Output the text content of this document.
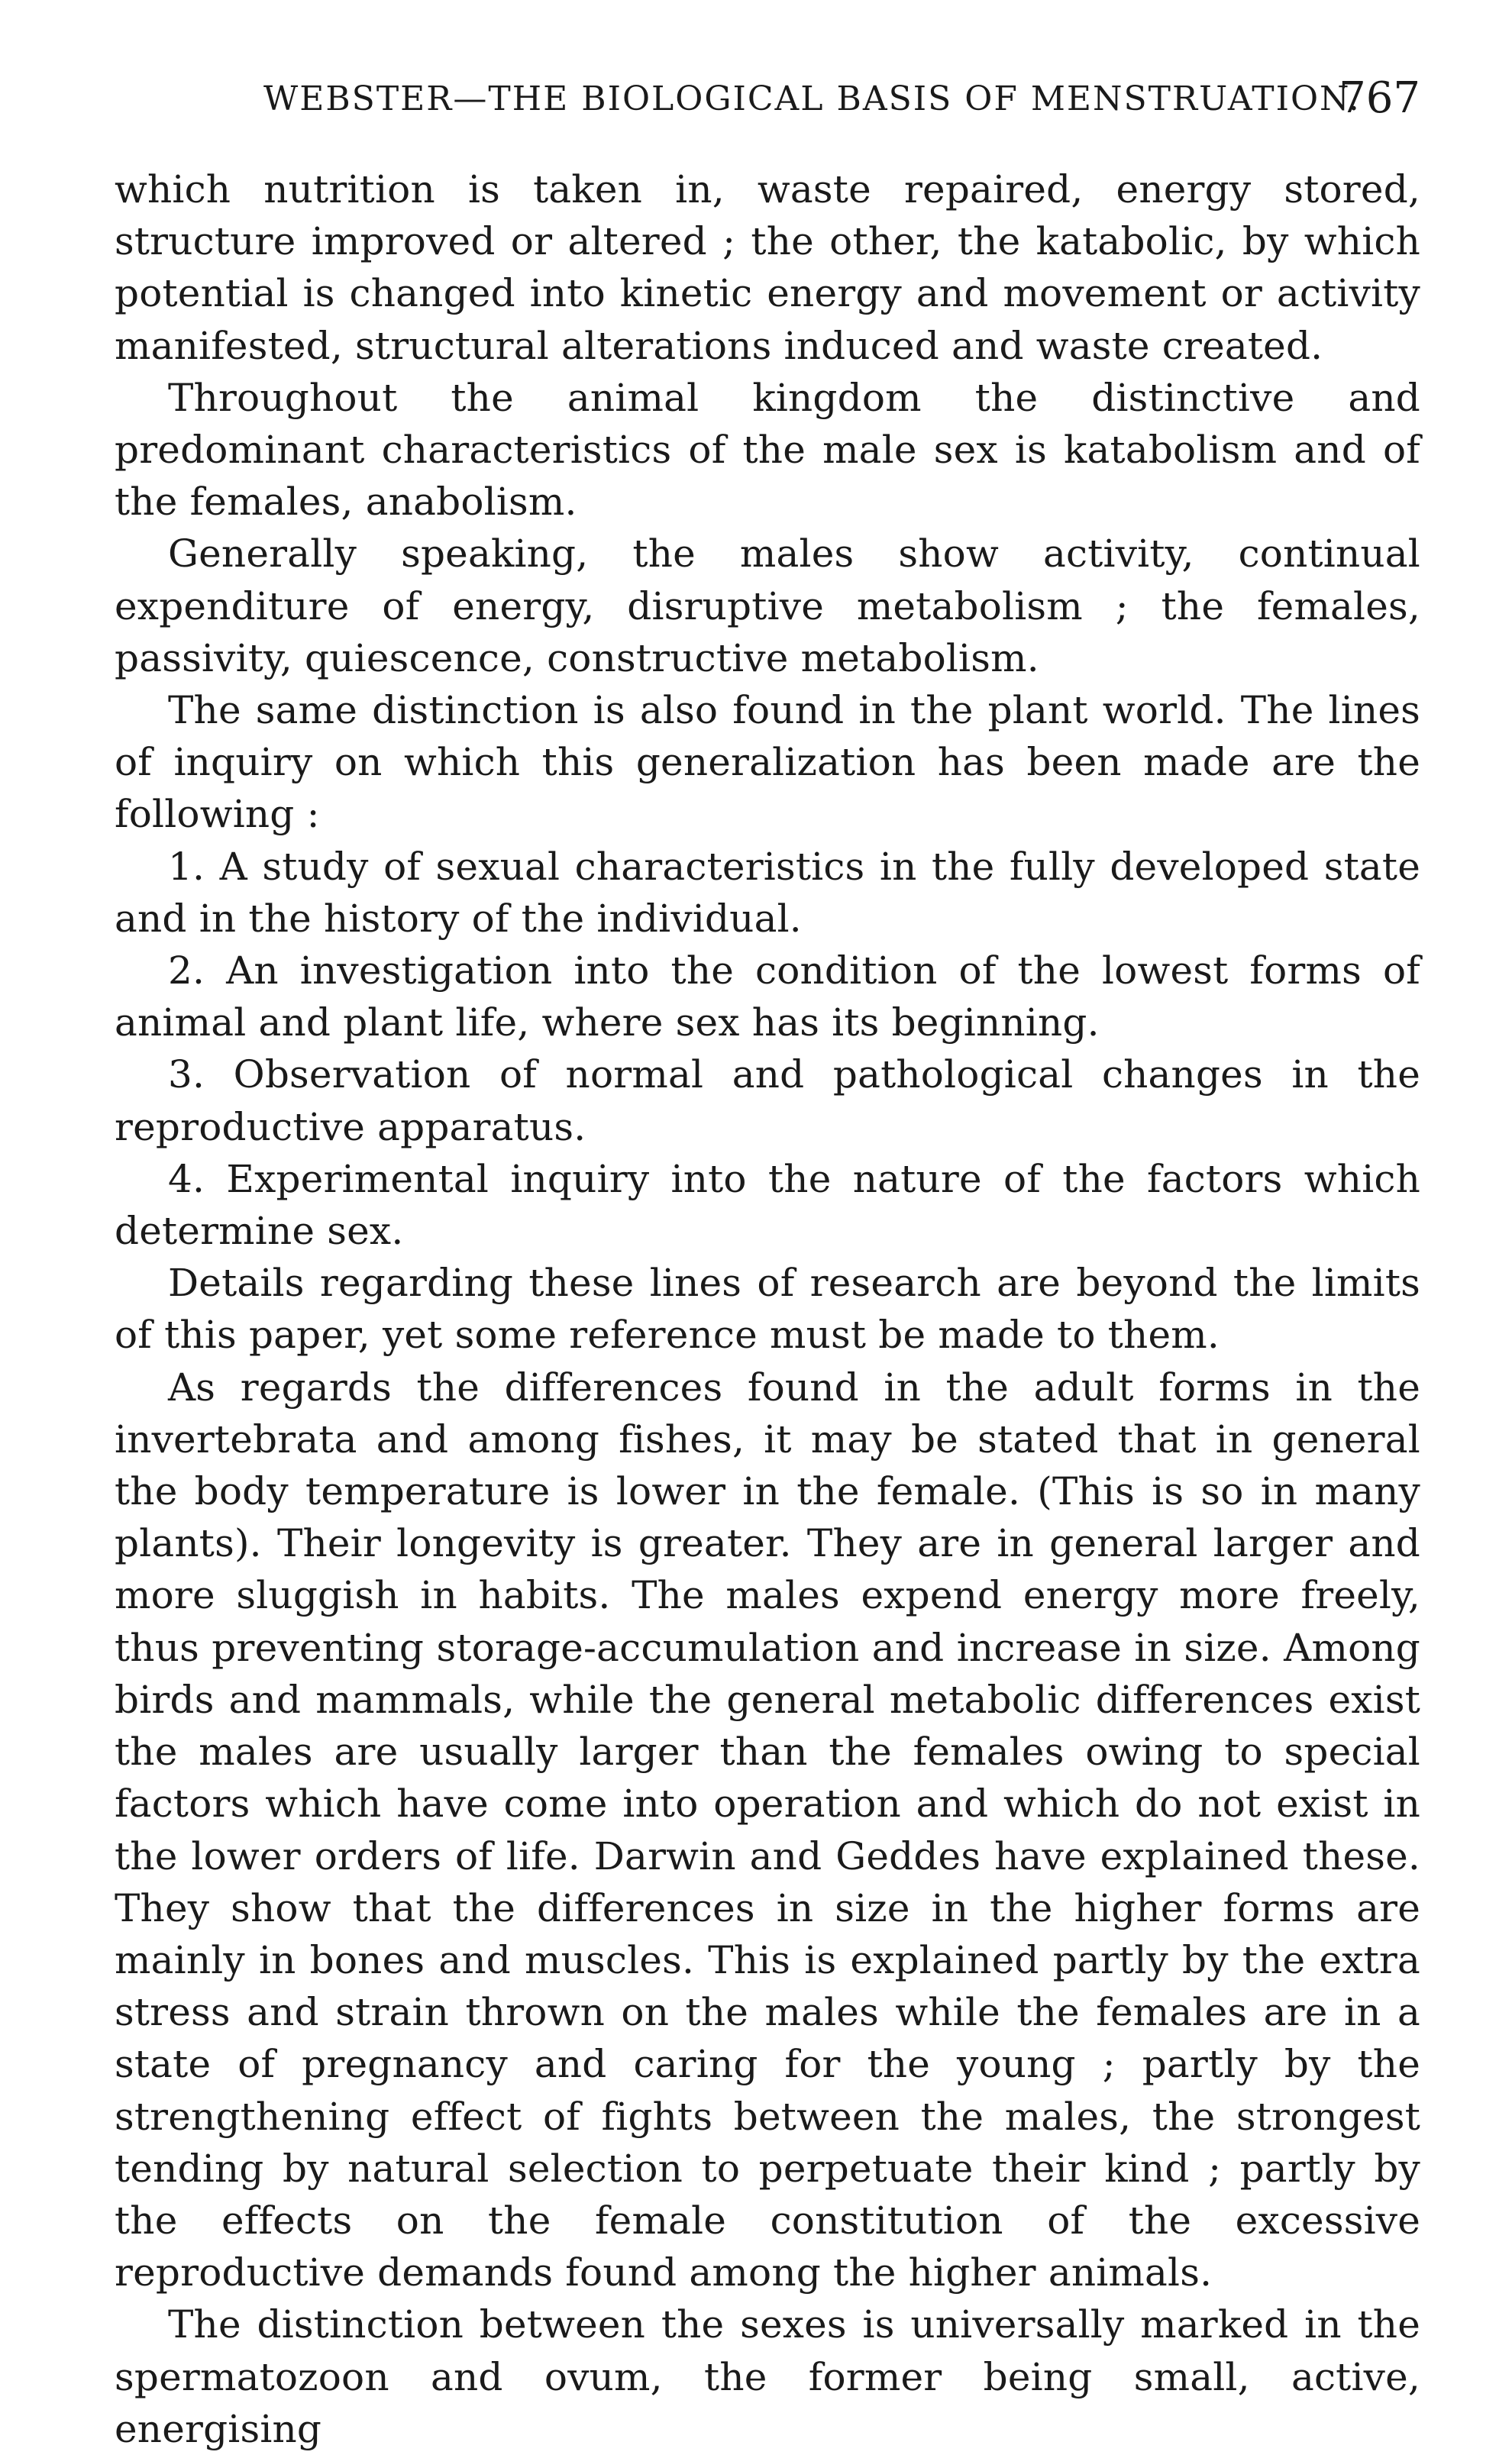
WEBSTER—THE BIOLOGICAL BASIS OF MENSTRUATION.
767

which nutrition is taken in, waste repaired, energy stored, structure improved or altered ; the other, the katabolic, by which potential is changed into kinetic energy and movement or activity manifested, structural alterations induced and waste created.

Throughout the animal kingdom the distinctive and predominant characteristics of the male sex is katabolism and of the females, anabolism.

Generally speaking, the males show activity, continual expenditure of energy, disruptive metabolism ; the females, passivity, quiescence, constructive metabolism.

The same distinction is also found in the plant world. The lines of inquiry on which this generalization has been made are the following :

1. A study of sexual characteristics in the fully developed state and in the history of the individual.

2. An investigation into the condition of the lowest forms of animal and plant life, where sex has its beginning.

3. Observation of normal and pathological changes in the reproductive apparatus.

4. Experimental inquiry into the nature of the factors which determine sex.

Details regarding these lines of research are beyond the limits of this paper, yet some reference must be made to them.

As regards the differences found in the adult forms in the invertebrata and among fishes, it may be stated that in general the body temperature is lower in the female. (This is so in many plants). Their longevity is greater. They are in general larger and more sluggish in habits. The males expend energy more freely, thus preventing storage-accumulation and increase in size. Among birds and mammals, while the general metabolic differences exist the males are usually larger than the females owing to special factors which have come into operation and which do not exist in the lower orders of life. Darwin and Geddes have explained these. They show that the differences in size in the higher forms are mainly in bones and muscles. This is explained partly by the extra stress and strain thrown on the males while the females are in a state of pregnancy and caring for the young ; partly by the strengthening effect of fights between the males, the strongest tending by natural selection to perpetuate their kind ; partly by the effects on the female constitution of the excessive reproductive demands found among the higher animals.

The distinction between the sexes is universally marked in the spermatozoon and ovum, the former being small, active, energising
